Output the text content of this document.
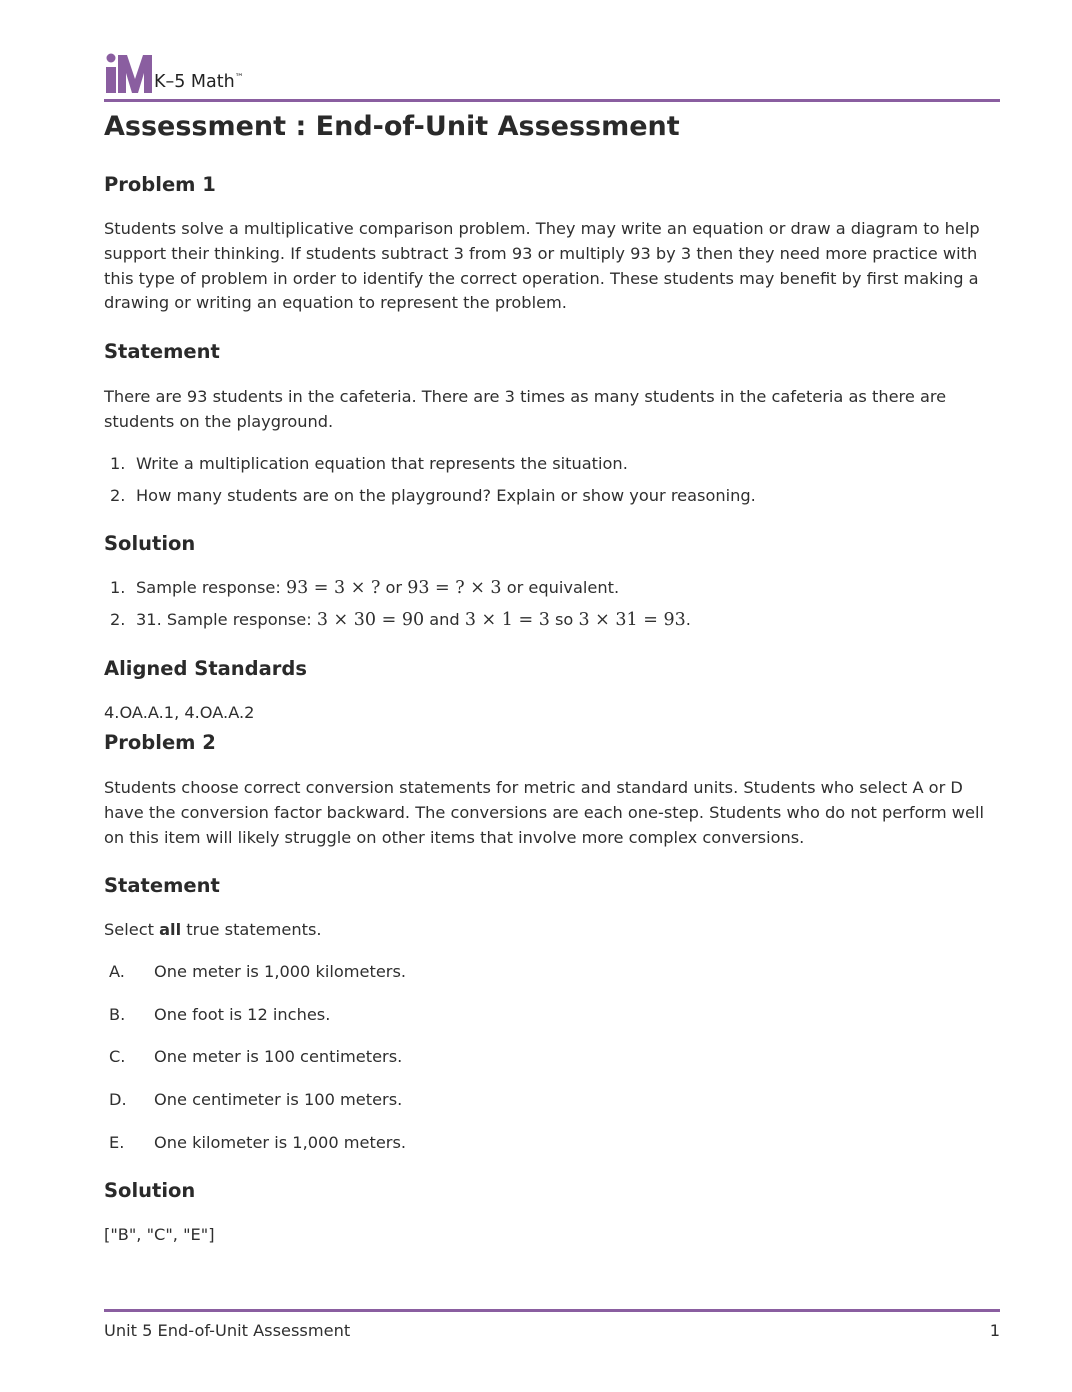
K–5 Math™
Assessment : End-of-Unit Assessment
Problem 1

Students solve a multiplicative comparison problem. They may write an equation or draw a diagram to help support their thinking. If students subtract 3 from 93 or multiply 93 by 3 then they need more practice with this type of problem in order to identify the correct operation. These students may benefit by first making a drawing or writing an equation to represent the problem.

Statement

There are 93 students in the cafeteria. There are 3 times as many students in the cafeteria as there are students on the playground.

1. Write a multiplication equation that represents the situation.
2. How many students are on the playground? Explain or show your reasoning.
Solution
1. Sample response: 93 = 3 × ? or 93 = ? × 3 or equivalent.
2. 31. Sample response: 3 × 30 = 90 and 3 × 1 = 3 so 3 × 31 = 93.
Aligned Standards

4.OA.A.1, 4.OA.A.2

Problem 2

Students choose correct conversion statements for metric and standard units. Students who select A or D have the conversion factor backward. The conversions are each one-step. Students who do not perform well on this item will likely struggle on other items that involve more complex conversions.

Statement

Select all true statements.

A. One meter is 1,000 kilometers.
B. One foot is 12 inches.
C. One meter is 100 centimeters.
D. One centimeter is 100 meters.
E. One kilometer is 1,000 meters.
Solution

["B", "C", "E"]

Unit 5 End-of-Unit Assessment	1
